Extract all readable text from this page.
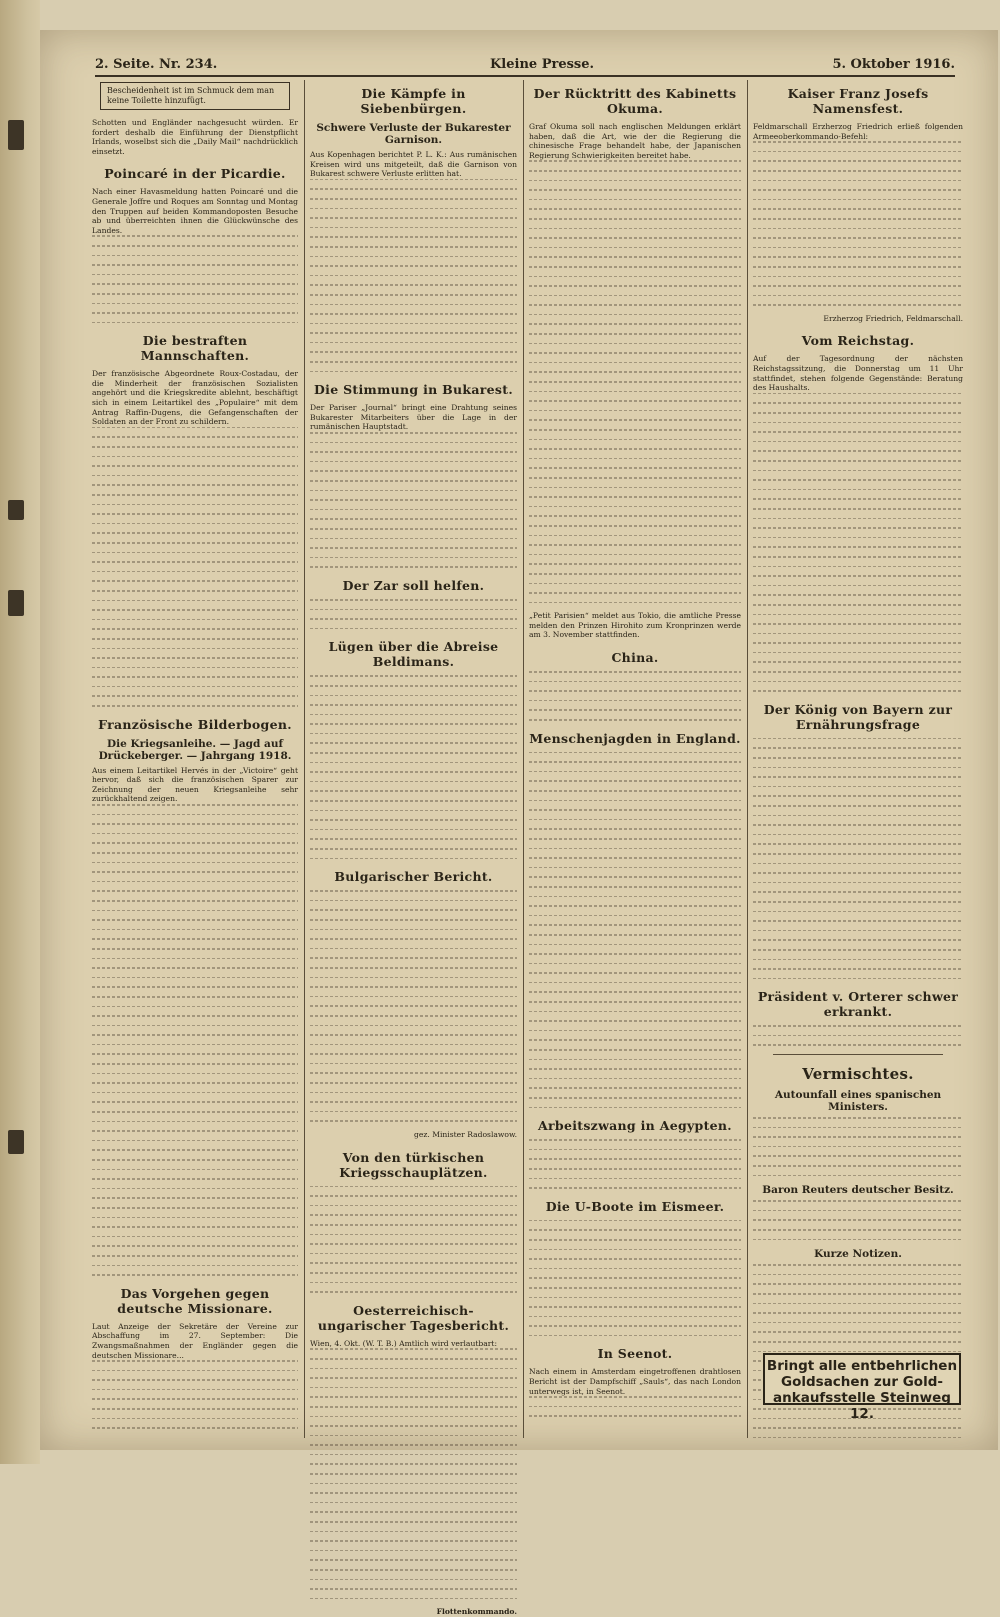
2. Seite. Nr. 234.	Kleine Presse.	5. Oktober 1916.
Bescheidenheit ist im Schmuck dem man keine Toilette hinzufügt.

Schotten und Engländer nachgesucht würden. Er fordert deshalb die Einführung der Dienstpflicht Irlands, woselbst sich die „Daily Mail“ nachdrücklich einsetzt.

Poincaré in der Picardie.

Nach einer Havasmeldung hatten Poincaré und die Generale Joffre und Roques am Sonntag und Montag den Truppen auf beiden Kommandoposten Besuche ab und überreichten ihnen die Glückwünsche des Landes.

Die bestraften Mannschaften.

Der französische Abgeordnete Roux-Costadau, der die Minderheit der französischen Sozialisten angehört und die Kriegskredite ablehnt, beschäftigt sich in einem Leitartikel des „Populaire“ mit dem Antrag Raffin-Dugens, die Gefangenschaften der Soldaten an der Front zu schildern.

Französische Bilderbogen.
Die Kriegsanleihe. — Jagd auf Drückeberger. — Jahrgang 1918.

Aus einem Leitartikel Hervés in der „Victoire“ geht hervor, daß sich die französischen Sparer zur Zeichnung der neuen Kriegsanleihe sehr zurückhaltend zeigen.

Das Vorgehen gegen deutsche Missionare.

Laut Anzeige der Sekretäre der Vereine zur Abschaffung im 27. September: Die Zwangsmaßnahmen der Engländer gegen die deutschen Missionare...

Die Kämpfe in Siebenbürgen.
Schwere Verluste der Bukarester Garnison.

Aus Kopenhagen berichtet P. L. K.: Aus rumänischen Kreisen wird uns mitgeteilt, daß die Garnison von Bukarest schwere Verluste erlitten hat.

Die Stimmung in Bukarest.

Der Pariser „Journal“ bringt eine Drahtung seines Bukarester Mitarbeiters über die Lage in der rumänischen Hauptstadt.

Der Zar soll helfen.
Lügen über die Abreise Beldimans.
Bulgarischer Bericht.

gez. Minister Radoslawow.

Von den türkischen Kriegsschauplätzen.
Oesterreichisch-ungarischer Tagesbericht.

Wien, 4. Okt. (W. T. B.) Amtlich wird verlautbart:

Flottenkommando.

Der Rücktritt des Kabinetts Okuma.

Graf Okuma soll nach englischen Meldungen erklärt haben, daß die Art, wie der die Regierung die chinesische Frage behandelt habe, der Japanischen Regierung Schwierigkeiten bereitet habe.

„Petit Parisien“ meldet aus Tokio, die amtliche Presse melden den Prinzen Hirohito zum Kronprinzen werde am 3. November stattfinden.

China.
Menschenjagden in England.
Arbeitszwang in Aegypten.
Die U-Boote im Eismeer.
In Seenot.

Nach einem in Amsterdam eingetroffenen drahtlosen Bericht ist der Dampfschiff „Sauls“, das nach London unterwegs ist, in Seenot.

Kaiser Franz Josefs Namensfest.

Feldmarschall Erzherzog Friedrich erließ folgenden Armeeoberkommando-Befehl:

Erzherzog Friedrich, Feldmarschall.

Vom Reichstag.

Auf der Tagesordnung der nächsten Reichstagssitzung, die Donnerstag um 11 Uhr stattfindet, stehen folgende Gegenstände: Beratung des Haushalts.

Der König von Bayern zur Ernährungsfrage
Präsident v. Orterer schwer erkrankt.
Vermischtes.
Autounfall eines spanischen Ministers.
Baron Reuters deutscher Besitz.
Kurze Notizen.
Bringt alle entbehrlichen
Goldsachen zur Gold-
ankaufsstelle Steinweg 12.
